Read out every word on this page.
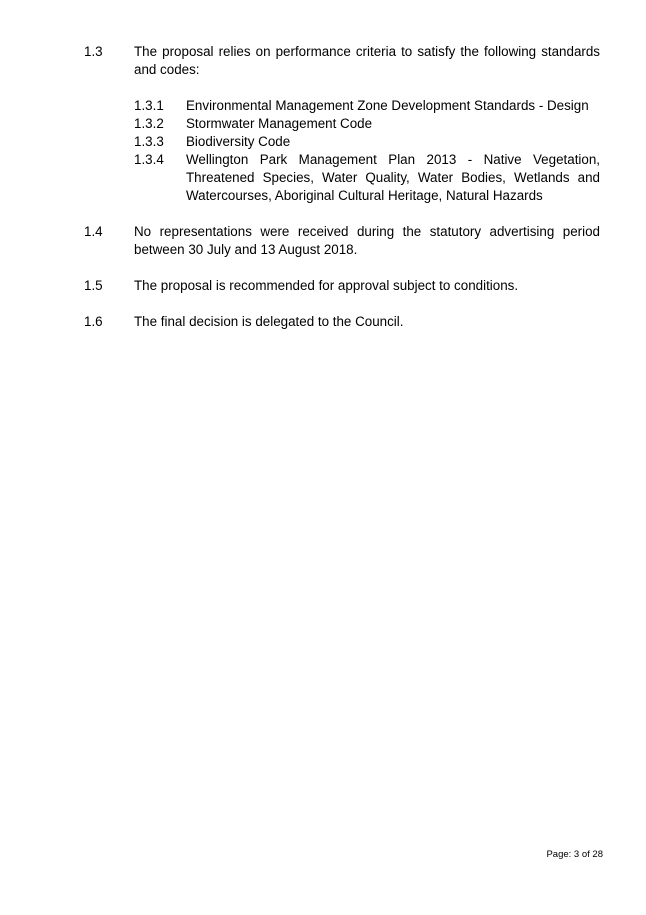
1.3 The proposal relies on performance criteria to satisfy the following standards and codes:
1.3.1 Environmental Management Zone Development Standards - Design
1.3.2 Stormwater Management Code
1.3.3 Biodiversity Code
1.3.4 Wellington Park Management Plan 2013 - Native Vegetation, Threatened Species, Water Quality, Water Bodies, Wetlands and Watercourses, Aboriginal Cultural Heritage, Natural Hazards
1.4 No representations were received during the statutory advertising period between 30 July and 13 August 2018.
1.5 The proposal is recommended for approval subject to conditions.
1.6 The final decision is delegated to the Council.
Page: 3 of 28
